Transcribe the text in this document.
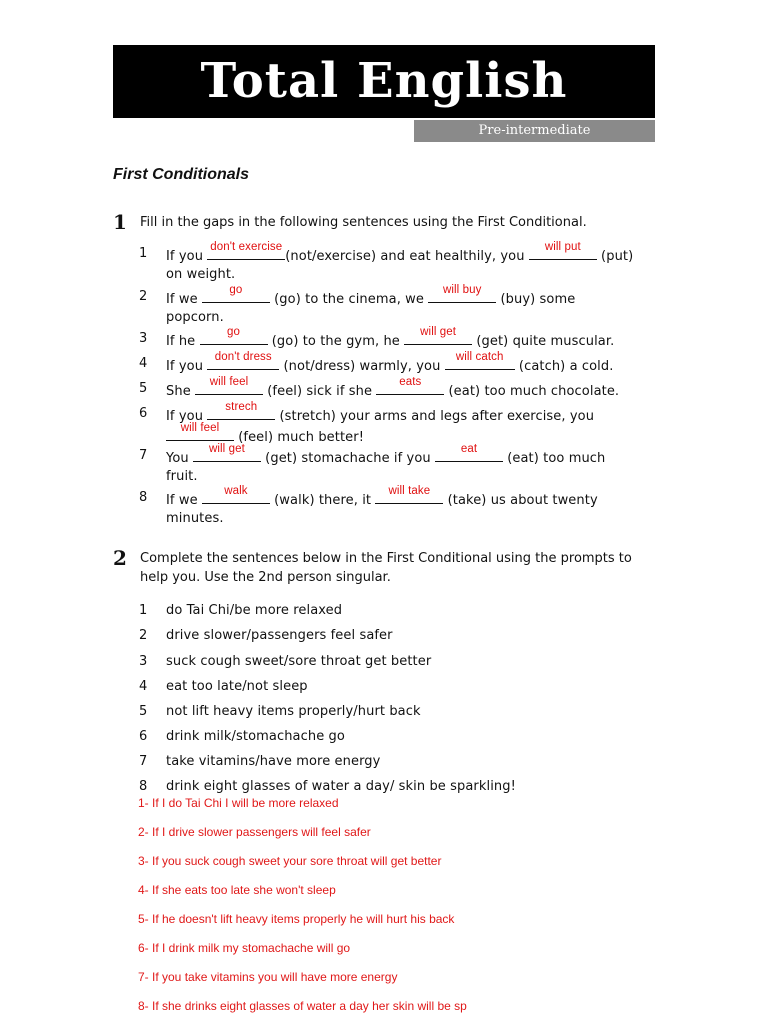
Total English
Pre-intermediate
First Conditionals
1 Fill in the gaps in the following sentences using the First Conditional.
1 If you
don't exercise
(not/exercise) and eat healthily, you
will put
(put) on weight.
2 If we
go
(go) to the cinema, we
will buy
(buy) some popcorn.
3 If he
go
(go) to the gym, he
will get
(get) quite muscular.
4 If you
don't dress
(not/dress) warmly, you
will catch
(catch) a cold.
5 She
will feel
(feel) sick if she
eats
(eat) too much chocolate.
6 If you
strech
(stretch) your arms and legs after exercise, you
will feel
(feel) much better!
7 You
will get
(get) stomachache if you
eat
(eat) too much fruit.
8 If we
walk
(walk) there, it
will take
(take) us about twenty minutes.
2 Complete the sentences below in the First Conditional using the prompts to help you. Use the 2nd person singular.
1 do Tai Chi/be more relaxed
2 drive slower/passengers feel safer
3 suck cough sweet/sore throat get better
4 eat too late/not sleep
5 not lift heavy items properly/hurt back
6 drink milk/stomachache go
7 take vitamins/have more energy
8 drink eight glasses of water a day/ skin be sparkling!
1- If I do Tai Chi I will be more relaxed
2- If I drive slower passengers will feel safer
3- If you suck cough sweet your sore throat will get better
4- If she eats too late she won't sleep
5- If he doesn't lift heavy items properly he will hurt his back
6- If I drink milk my stomachache will go
7- If you take vitamins you will have more energy
8- If she drinks eight glasses of water a day her skin will be sp
